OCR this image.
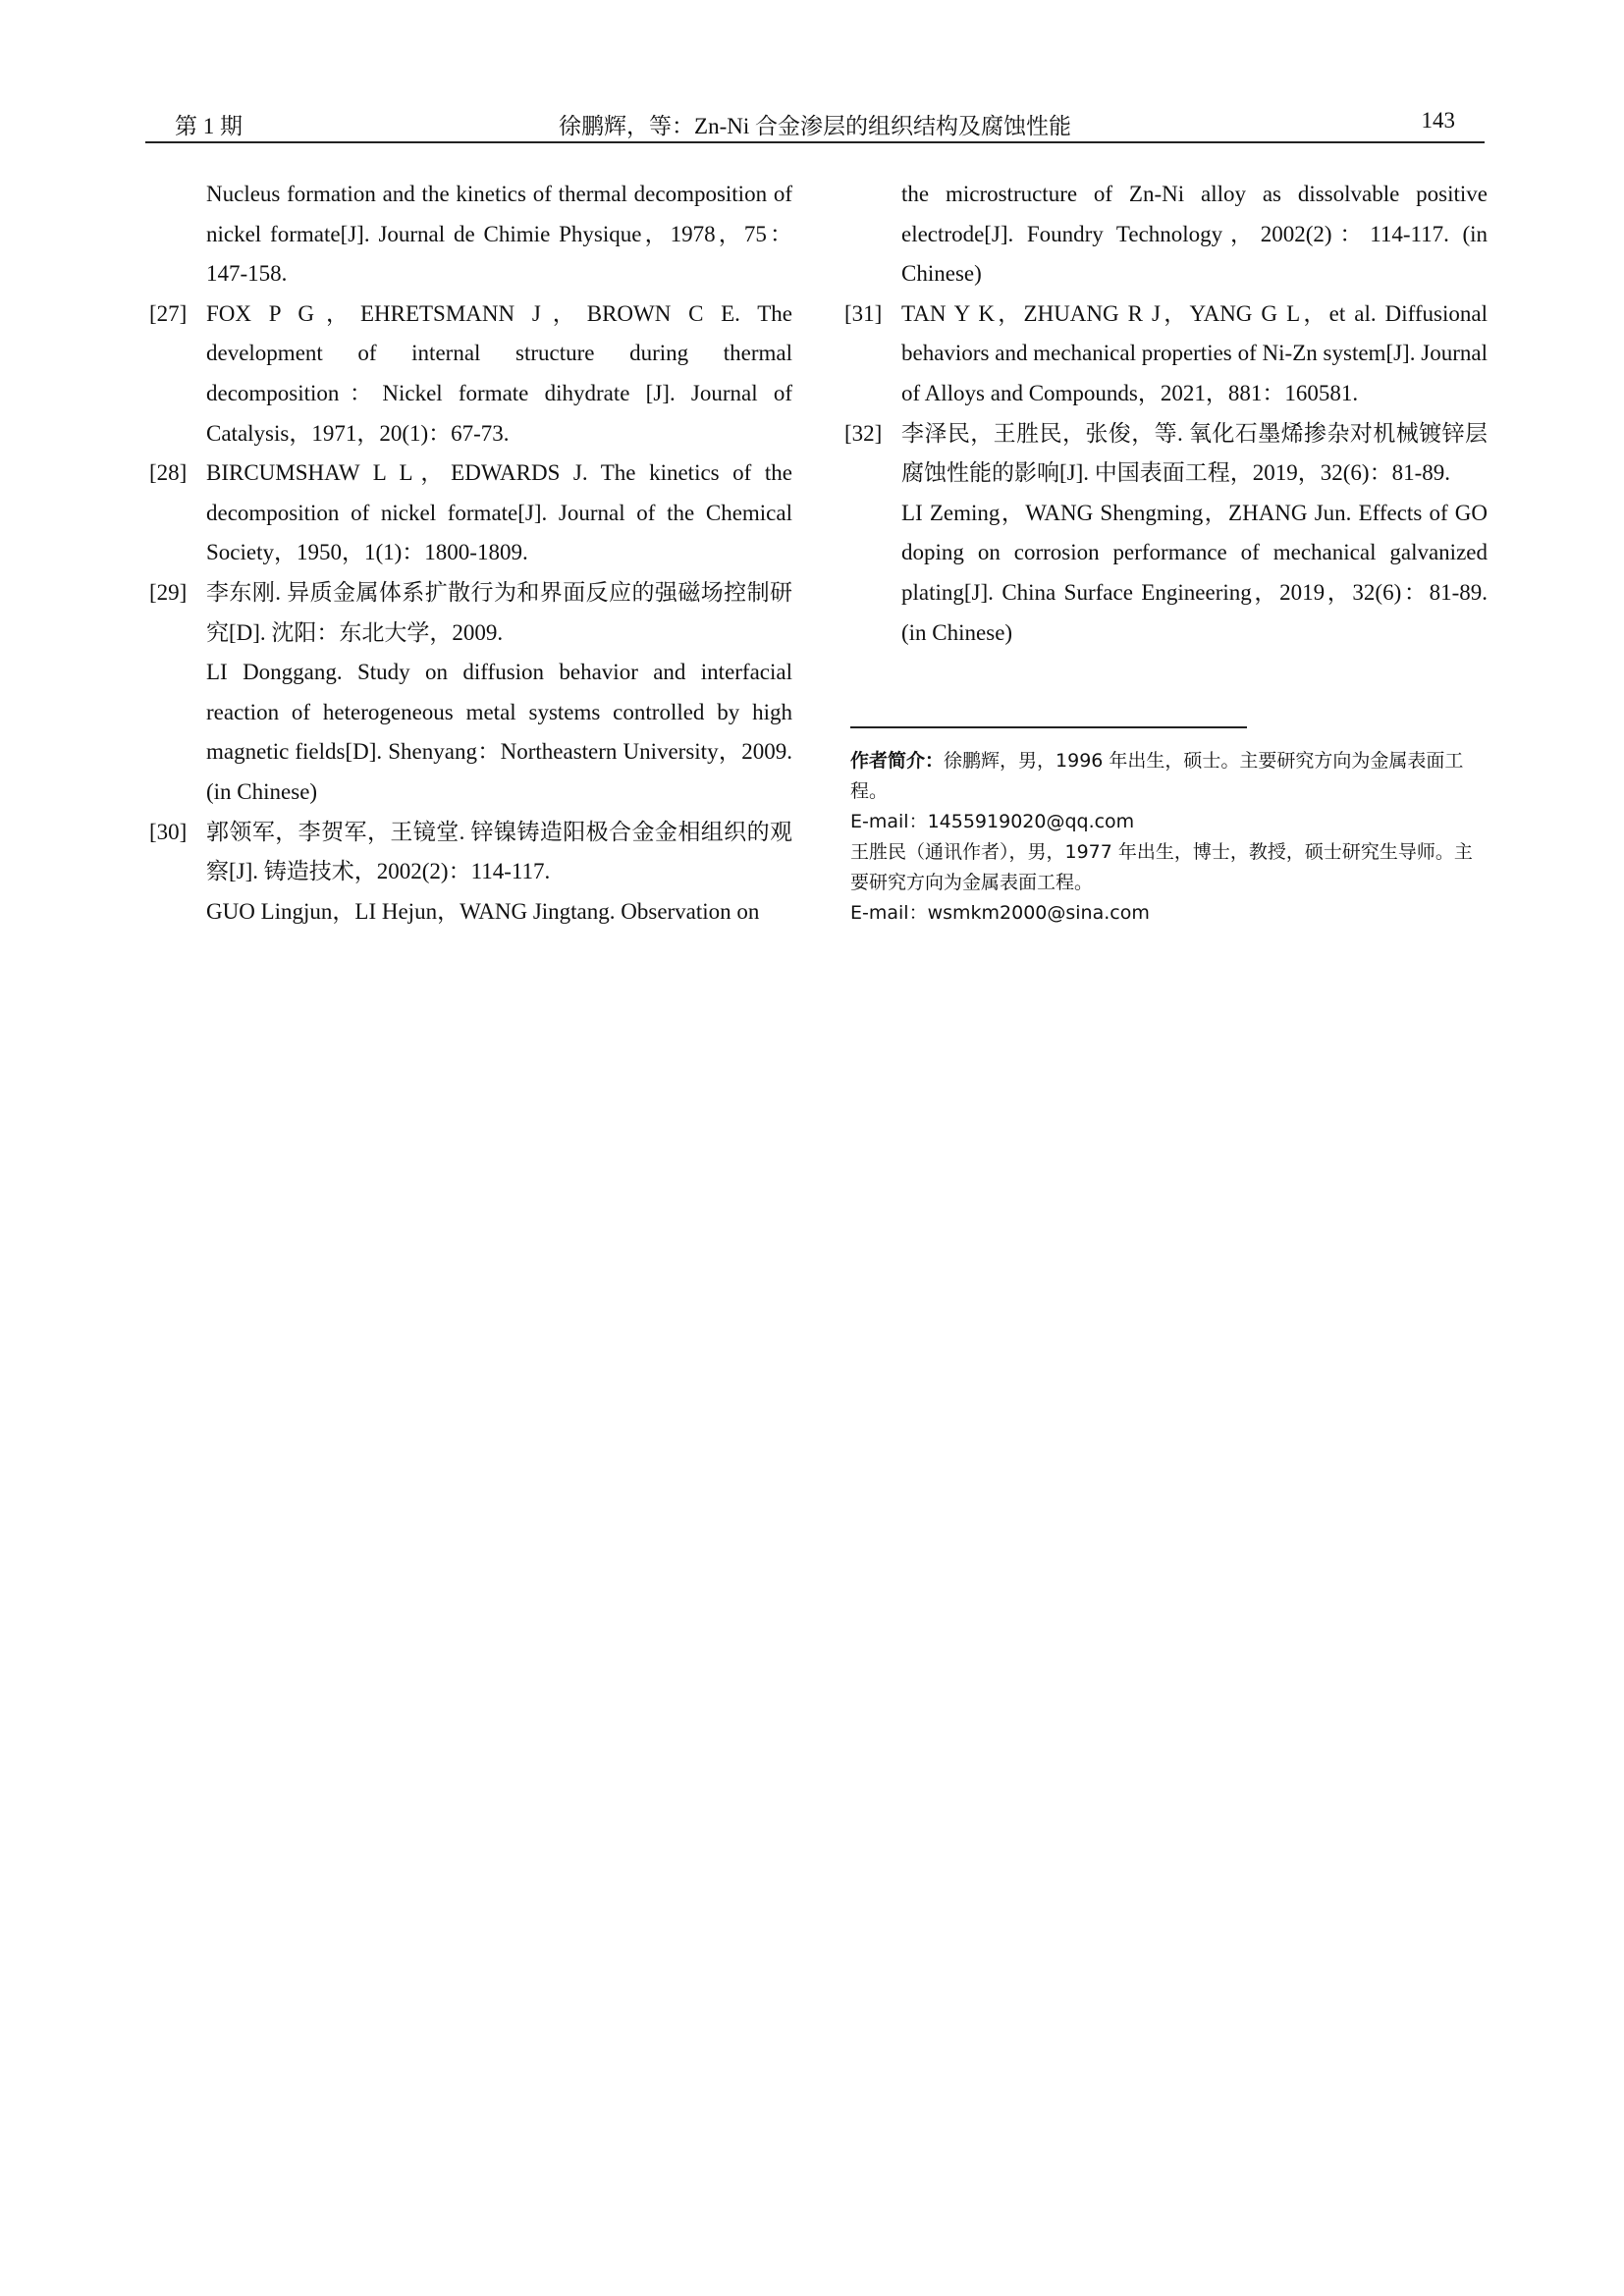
第 1 期	徐鹏辉，等：Zn-Ni 合金渗层的组织结构及腐蚀性能	143

Nucleus formation and the kinetics of thermal decomposition of nickel formate[J]. Journal de Chimie Physique，1978，75：147-158.

[27] FOX P G，EHRETSMANN J，BROWN C E. The development of internal structure during thermal decomposition：Nickel formate dihydrate [J]. Journal of Catalysis，1971，20(1)：67-73.

[28] BIRCUMSHAW L L，EDWARDS J. The kinetics of the decomposition of nickel formate[J]. Journal of the Chemical Society，1950，1(1)：1800-1809.

[29] 李东刚. 异质金属体系扩散行为和界面反应的强磁场控制研究[D]. 沈阳：东北大学，2009.

LI Donggang. Study on diffusion behavior and interfacial reaction of heterogeneous metal systems controlled by high magnetic fields[D]. Shenyang：Northeastern University，2009. (in Chinese)

[30] 郭领军，李贺军，王镜堂. 锌镍铸造阳极合金金相组织的观察[J]. 铸造技术，2002(2)：114-117.

GUO Lingjun，LI Hejun，WANG Jingtang. Observation on

the microstructure of Zn-Ni alloy as dissolvable positive electrode[J]. Foundry Technology，2002(2)：114-117. (in Chinese)

[31] TAN Y K，ZHUANG R J，YANG G L，et al. Diffusional behaviors and mechanical properties of Ni-Zn system[J]. Journal of Alloys and Compounds，2021，881：160581.

[32] 李泽民，王胜民，张俊，等. 氧化石墨烯掺杂对机械镀锌层腐蚀性能的影响[J]. 中国表面工程，2019，32(6)：81-89.

LI Zeming，WANG Shengming，ZHANG Jun. Effects of GO doping on corrosion performance of mechanical galvanized plating[J]. China Surface Engineering，2019，32(6)：81-89. (in Chinese)

作者简介：徐鹏辉，男，1996 年出生，硕士。主要研究方向为金属表面工程。

E-mail：1455919020@qq.com

王胜民（通讯作者），男，1977 年出生，博士，教授，硕士研究生导师。主要研究方向为金属表面工程。

E-mail：wsmkm2000@sina.com
